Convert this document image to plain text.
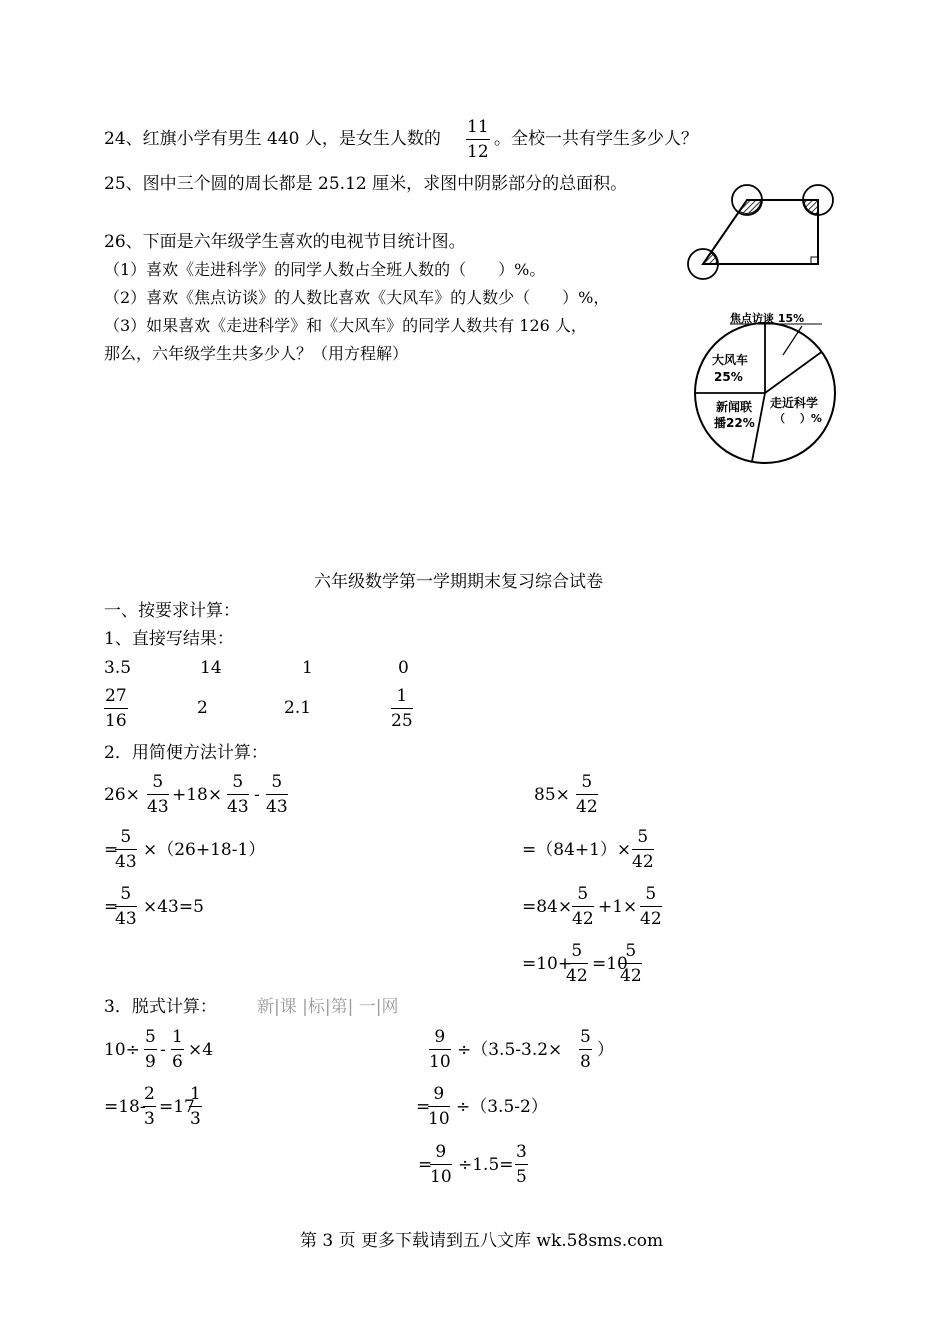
24、红旗小学有男生 440 人，是女生人数的 $\frac{11}{12}$ 。全校一共有学生多少人？
25、图中三个圆的周长都是 25.12 厘米，求图中阴影部分的总面积。
26、下面是六年级学生喜欢的电视节目统计图。
（1）喜欢《走进科学》的同学人数占全班人数的（　　）%。
（2）喜欢《焦点访谈》的人数比喜欢《大风车》的人数少（　　）%，
（3）如果喜欢《走进科学》和《大风车》的同学人数共有 126 人，
那么，六年级学生共多少人？（用方程解）
焦点访谈 15%
大风车
25%
新闻联
播22%
走近科学
（　 ）%
六年级数学第一学期期末复习综合试卷
一、按要求计算：
1、直接写结果：
3.5	14	1	0
$\frac{27}{16}$	2	2.1	$\frac{1}{25}$
2．用简便方法计算：
$26\times \frac{5}{43} +18\times \frac{5}{43} - \frac{5}{43}$
=
$\frac{5}{43} \times(26+18-1)$
=
$\frac{5}{43} \times 43=5$
$85\times \frac{5}{42}$
$=(84+1)\times \frac{5}{42}$
$=84\times \frac{5}{42} +1\times \frac{5}{42}$
=10+
$\frac{5}{42} =10$
$\frac{5}{42}$
3．脱式计算： 新|课 |标|第| 一|网
$10\div \frac{5}{9} - \frac{1}{6} \times 4$
=18-
$\frac{2}{3} =17$
$\frac{1}{3}$
$\frac{9}{10} \div(3.5-3.2\times \frac{5}{8}$ ）
=
$\frac{9}{10} \div(3.5-2)$
=
$\frac{9}{10} \div 1.5= \frac{3}{5}$
第 3 页 更多下载请到五八文库 wk.58sms.com
